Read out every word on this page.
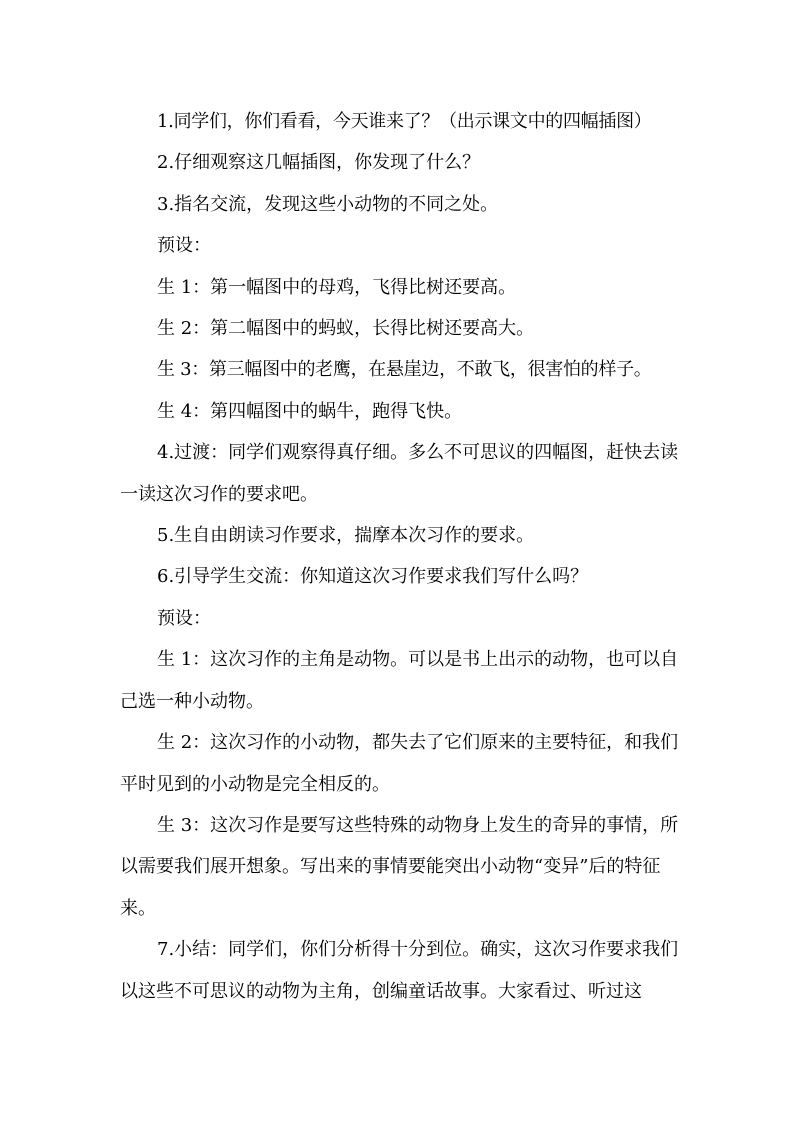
1.同学们，你们看看，今天谁来了？（出示课文中的四幅插图）

2.仔细观察这几幅插图，你发现了什么？

3.指名交流，发现这些小动物的不同之处。

预设：

生 1：第一幅图中的母鸡，飞得比树还要高。

生 2：第二幅图中的蚂蚁，长得比树还要高大。

生 3：第三幅图中的老鹰，在悬崖边，不敢飞，很害怕的样子。

生 4：第四幅图中的蜗牛，跑得飞快。

4.过渡：同学们观察得真仔细。多么不可思议的四幅图，赶快去读一读这次习作的要求吧。

5.生自由朗读习作要求，揣摩本次习作的要求。

6.引导学生交流：你知道这次习作要求我们写什么吗？

预设：

生 1：这次习作的主角是动物。可以是书上出示的动物，也可以自己选一种小动物。

生 2：这次习作的小动物，都失去了它们原来的主要特征，和我们平时见到的小动物是完全相反的。

生 3：这次习作是要写这些特殊的动物身上发生的奇异的事情，所以需要我们展开想象。写出来的事情要能突出小动物“变异”后的特征来。

7.小结：同学们，你们分析得十分到位。确实，这次习作要求我们以这些不可思议的动物为主角，创编童话故事。大家看过、听过这
